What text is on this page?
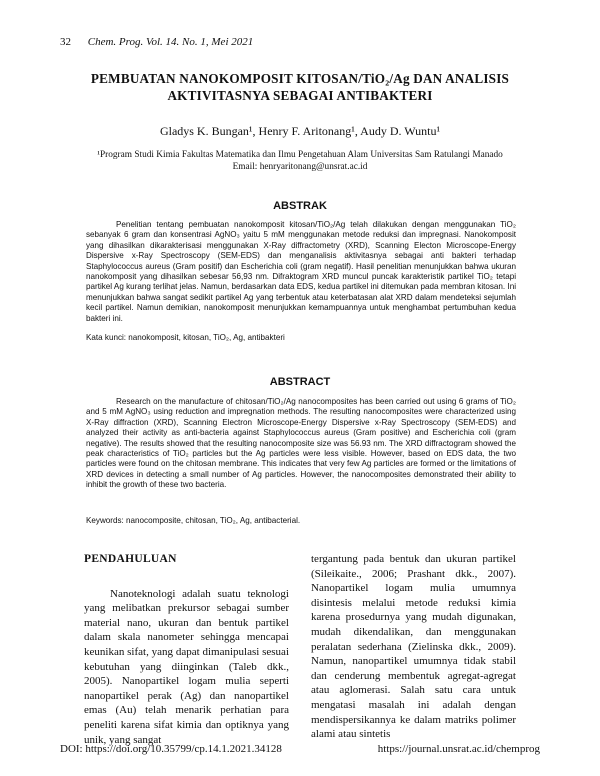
32 Chem. Prog. Vol. 14. No. 1, Mei 2021
PEMBUATAN NANOKOMPOSIT KITOSAN/TiO₂/Ag DAN ANALISIS
AKTIVITASNYA SEBAGAI ANTIBAKTERI
Gladys K. Bungan¹, Henry F. Aritonang¹, Audy D. Wuntu¹
¹Program Studi Kimia Fakultas Matematika dan Ilmu Pengetahuan Alam Universitas Sam Ratulangi Manado
Email: henryaritonang@unsrat.ac.id
ABSTRAK

Penelitian tentang pembuatan nanokomposit kitosan/TiO₂/Ag telah dilakukan dengan menggunakan TiO₂ sebanyak 6 gram dan konsentrasi AgNO₃ yaitu 5 mM menggunakan metode reduksi dan impregnasi. Nanokomposit yang dihasilkan dikarakterisasi menggunakan X-Ray diffractometry (XRD), Scanning Electon Microscope-Energy Dispersive x-Ray Spectroscopy (SEM-EDS) dan menganalisis aktivitasnya sebagai anti bakteri terhadap Staphylococcus aureus (Gram positif) dan Escherichia coli (gram negatif). Hasil penelitian menunjukkan bahwa ukuran nanokomposit yang dihasilkan sebesar 56,93 nm. Difraktogram XRD muncul puncak karakteristik partikel TiO₂ tetapi partikel Ag kurang terlihat jelas. Namun, berdasarkan data EDS, kedua partikel ini ditemukan pada membran kitosan. Ini menunjukkan bahwa sangat sedikit partikel Ag yang terbentuk atau keterbatasan alat XRD dalam mendeteksi sejumlah kecil partikel. Namun demikian, nanokomposit menunjukkan kemampuannya untuk menghambat pertumbuhan kedua bakteri ini.

Kata kunci: nanokomposit, kitosan, TiO₂, Ag, antibakteri
ABSTRACT

Research on the manufacture of chitosan/TiO₂/Ag nanocomposites has been carried out using 6 grams of TiO₂ and 5 mM AgNO₃ using reduction and impregnation methods. The resulting nanocomposites were characterized using X-Ray diffraction (XRD), Scanning Electron Microscope-Energy Dispersive x-Ray Spectroscopy (SEM-EDS) and analyzed their activity as anti-bacteria against Staphylococcus aureus (Gram positive) and Escherichia coli (gram negative). The results showed that the resulting nanocomposite size was 56.93 nm. The XRD diffractogram showed the peak characteristics of TiO₂ particles but the Ag particles were less visible. However, based on EDS data, the two particles were found on the chitosan membrane. This indicates that very few Ag particles are formed or the limitations of XRD devices in detecting a small number of Ag particles. However, the nanocomposites demonstrated their ability to inhibit the growth of these two bacteria.

Keywords: nanocomposite, chitosan, TiO₂, Ag, antibacterial.

PENDAHULUAN

Nanoteknologi adalah suatu teknologi yang melibatkan prekursor sebagai sumber material nano, ukuran dan bentuk partikel dalam skala nanometer sehingga mencapai keunikan sifat, yang dapat dimanipulasi sesuai kebutuhan yang diinginkan (Taleb dkk., 2005). Nanopartikel logam mulia seperti nanopartikel perak (Ag) dan nanopartikel emas (Au) telah menarik perhatian para peneliti karena sifat kimia dan optiknya yang unik, yang sangat

tergantung pada bentuk dan ukuran partikel (Sileikaite., 2006; Prashant dkk., 2007). Nanopartikel logam mulia umumnya disintesis melalui metode reduksi kimia karena prosedurnya yang mudah digunakan, mudah dikendalikan, dan menggunakan peralatan sederhana (Zielinska dkk., 2009). Namun, nanopartikel umumnya tidak stabil dan cenderung membentuk agregat-agregat atau aglomerasi. Salah satu cara untuk mengatasi masalah ini adalah dengan mendispersikannya ke dalam matriks polimer alami atau sintetis

DOI: https://doi.org/10.35799/cp.14.1.2021.34128	https://journal.unsrat.ac.id/chemprog
